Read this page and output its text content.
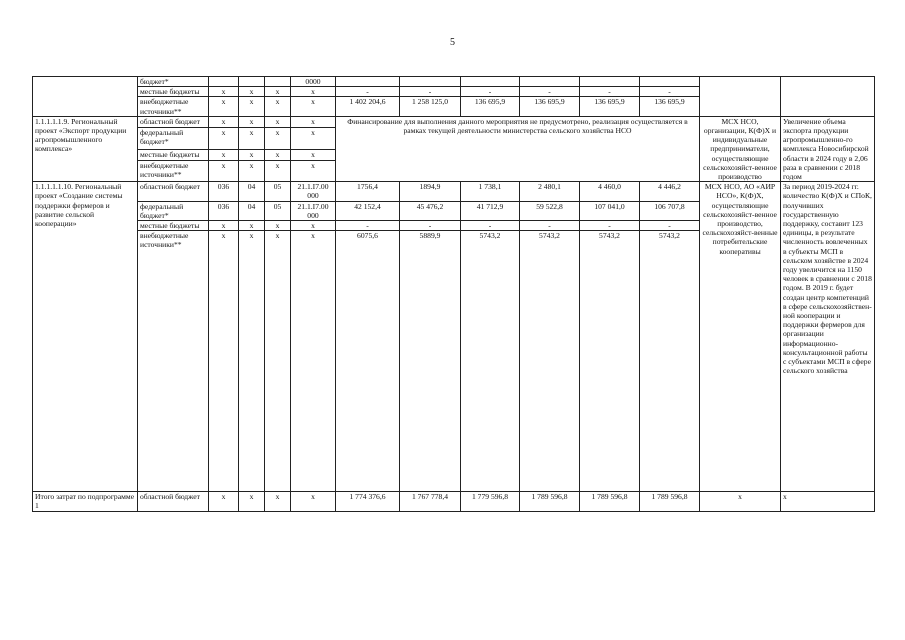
5
	бюджет*				0000								
	местные бюджеты	x	x	x	x	-	-	-	-	-	-		
	внебюджетные источники**	x	x	x	x	1 402 204,6	1 258 125,0	136 695,9	136 695,9	136 695,9	136 695,9		
1.1.1.1.1.9. Региональный проект «Экспорт продукции агропромышленного комплекса»	областной бюджет	x	x	x	x	Финансирование для выполнения данного мероприятия не предусмотрено, реализация осуществляется в рамках текущей деятельности министерства сельского хозяйства НСО						МСХ НСО, организации, К(Ф)Х и индивидуальные предприниматели, осуществляющие сельскохозяйст-венное производство	Увеличение объема экспорта продукции агропромышленно-го комплекса Новосибирской области в 2024 году в 2,06 раза в сравнении с 2018 годом
	федеральный бюджет*	x	x	x	x								
	местные бюджеты	x	x	x	x								
	внебюджетные источники**	x	x	x	x								
1.1.1.1.1.10. Региональный проект «Создание системы поддержки фермеров и развитие сельской кооперации»	областной бюджет	036	04	05	21.1.I7.00 000	1756,4	1894,9	1 738,1	2 480,1	4 460,0	4 446,2	МСХ НСО, АО «АИР НСО», К(Ф)Х, осуществляющие сельскохозяйст-венное производство, сельскохозяйст-венные потребительские кооперативы	За период 2019-2024 гг. количество К(Ф)Х и СПоК, получивших государственную поддержку, составит 123 единицы, в результате численность вовлеченных в субъекты МСП в сельском хозяйстве в 2024 году увеличится на 1150 человек в сравнении с 2018 годом. В 2019 г. будет создан центр компетенций в сфере сельскохозяйствен-ной кооперации и поддержки фермеров для организации информационно-консультационной работы с субъектами МСП в сфере сельского хозяйства
	федеральный бюджет*	036	04	05	21.1.I7.00 000	42 152,4	45 476,2	41 712,9	59 522,8	107 041,0	106 707,8		
	местные бюджеты	x	x	x	x	-	-	-	-	-	-		
	внебюджетные источники**	x	x	x	x	6075,6	5889,9	5743,2	5743,2	5743,2	5743,2		
Итого затрат по подпрограмме 1	областной бюджет	x	x	x	x	1 774 376,6	1 767 778,4	1 779 596,8	1 789 596,8	1 789 596,8	1 789 596,8	x	x
